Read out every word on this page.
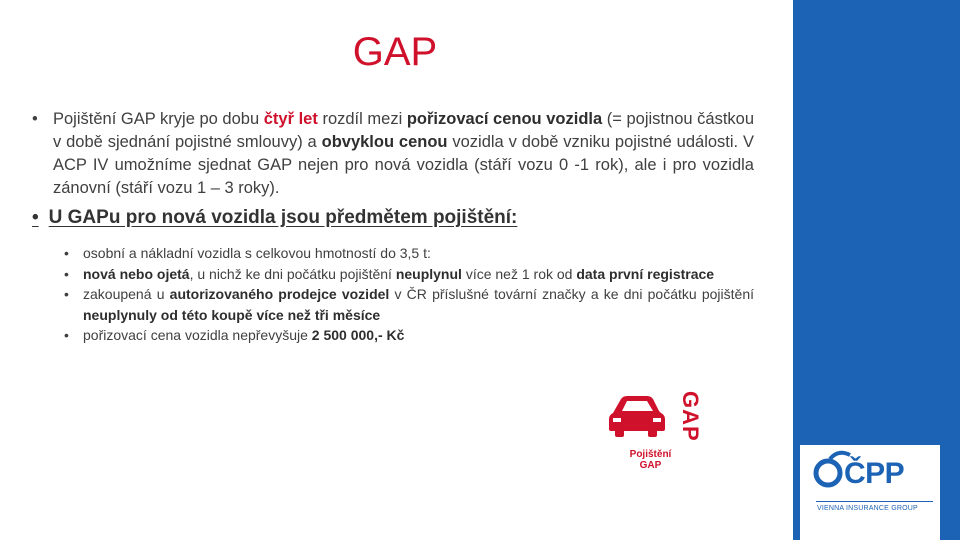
GAP
• Pojištění GAP kryje po dobu čtyř let rozdíl mezi pořizovací cenou vozidla (= pojistnou částkou v době sjednání pojistné smlouvy) a obvyklou cenou vozidla v době vzniku pojistné události. V ACP IV umožníme sjednat GAP nejen pro nová vozidla (stáří vozu 0 -1 rok), ale i pro vozidla zánovní (stáří vozu 1 – 3 roky).
• U GAPu pro nová vozidla jsou předmětem pojištění:
• osobní a nákladní vozidla s celkovou hmotností do 3,5 t:
• nová nebo ojetá, u nichž ke dni počátku pojištění neuplynul více než 1 rok od data první registrace
• zakoupená u autorizovaného prodejce vozidel v ČR příslušné tovární značky a ke dni počátku pojištění neuplynuly od této koupě více než tři měsíce
• pořizovací cena vozidla nepřevyšuje 2 500 000,- Kč
GAP
Pojištění
GAP	ČPP
VIENNA INSURANCE GROUP
